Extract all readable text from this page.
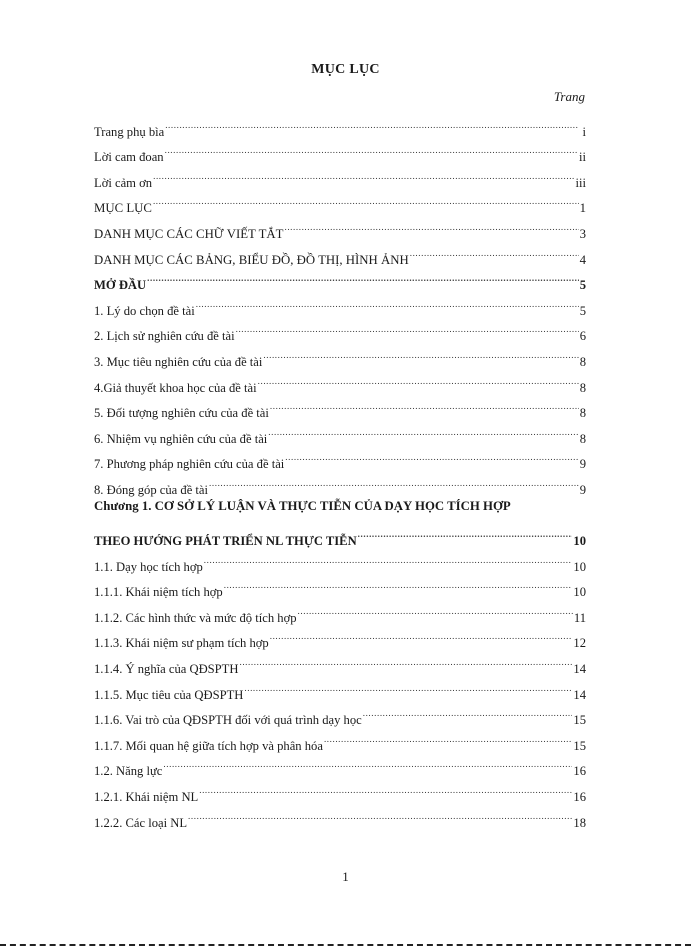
MỤC LỤC
Trang
Trang phụ bìa .....	i
Lời cam đoan .....	ii
Lời cảm ơn .....	iii
MỤC LỤC .....	1
DANH MỤC CÁC CHỮ VIẾT TẮT .....	3
DANH MỤC CÁC BẢNG, BIỂU ĐỒ, ĐỒ THỊ, HÌNH ẢNH .....	4
MỞ ĐẦU .....	5
1. Lý do chọn đề tài .....	5
2. Lịch sử nghiên cứu đề tài .....	6
3. Mục tiêu nghiên cứu của đề tài .....	8
4.Giả thuyết khoa học của đề tài .....	8
5. Đối tượng nghiên cứu của đề tài .....	8
6. Nhiệm vụ nghiên cứu của đề tài .....	8
7. Phương pháp nghiên cứu của đề tài .....	9
8. Đóng góp của đề tài .....	9
Chương 1. CƠ SỞ LÝ LUẬN VÀ THỰC TIỄN CỦA DẠY HỌC TÍCH HỢP
THEO HƯỚNG PHÁT TRIỂN NL THỰC TIỄN .....	10
1.1. Dạy học tích hợp .....	10
1.1.1. Khái niệm tích hợp .....	10
1.1.2. Các hình thức và mức độ tích hợp .....	11
1.1.3. Khái niệm sư phạm tích hợp .....	12
1.1.4. Ý nghĩa của QĐSPTH .....	14
1.1.5. Mục tiêu của QĐSPTH .....	14
1.1.6. Vai trò của QĐSPTH đối với quá trình dạy học .....	15
1.1.7. Mối quan hệ giữa tích hợp và phân hóa .....	15
1.2. Năng lực .....	16
1.2.1. Khái niệm NL .....	16
1.2.2. Các loại NL .....	18
1
